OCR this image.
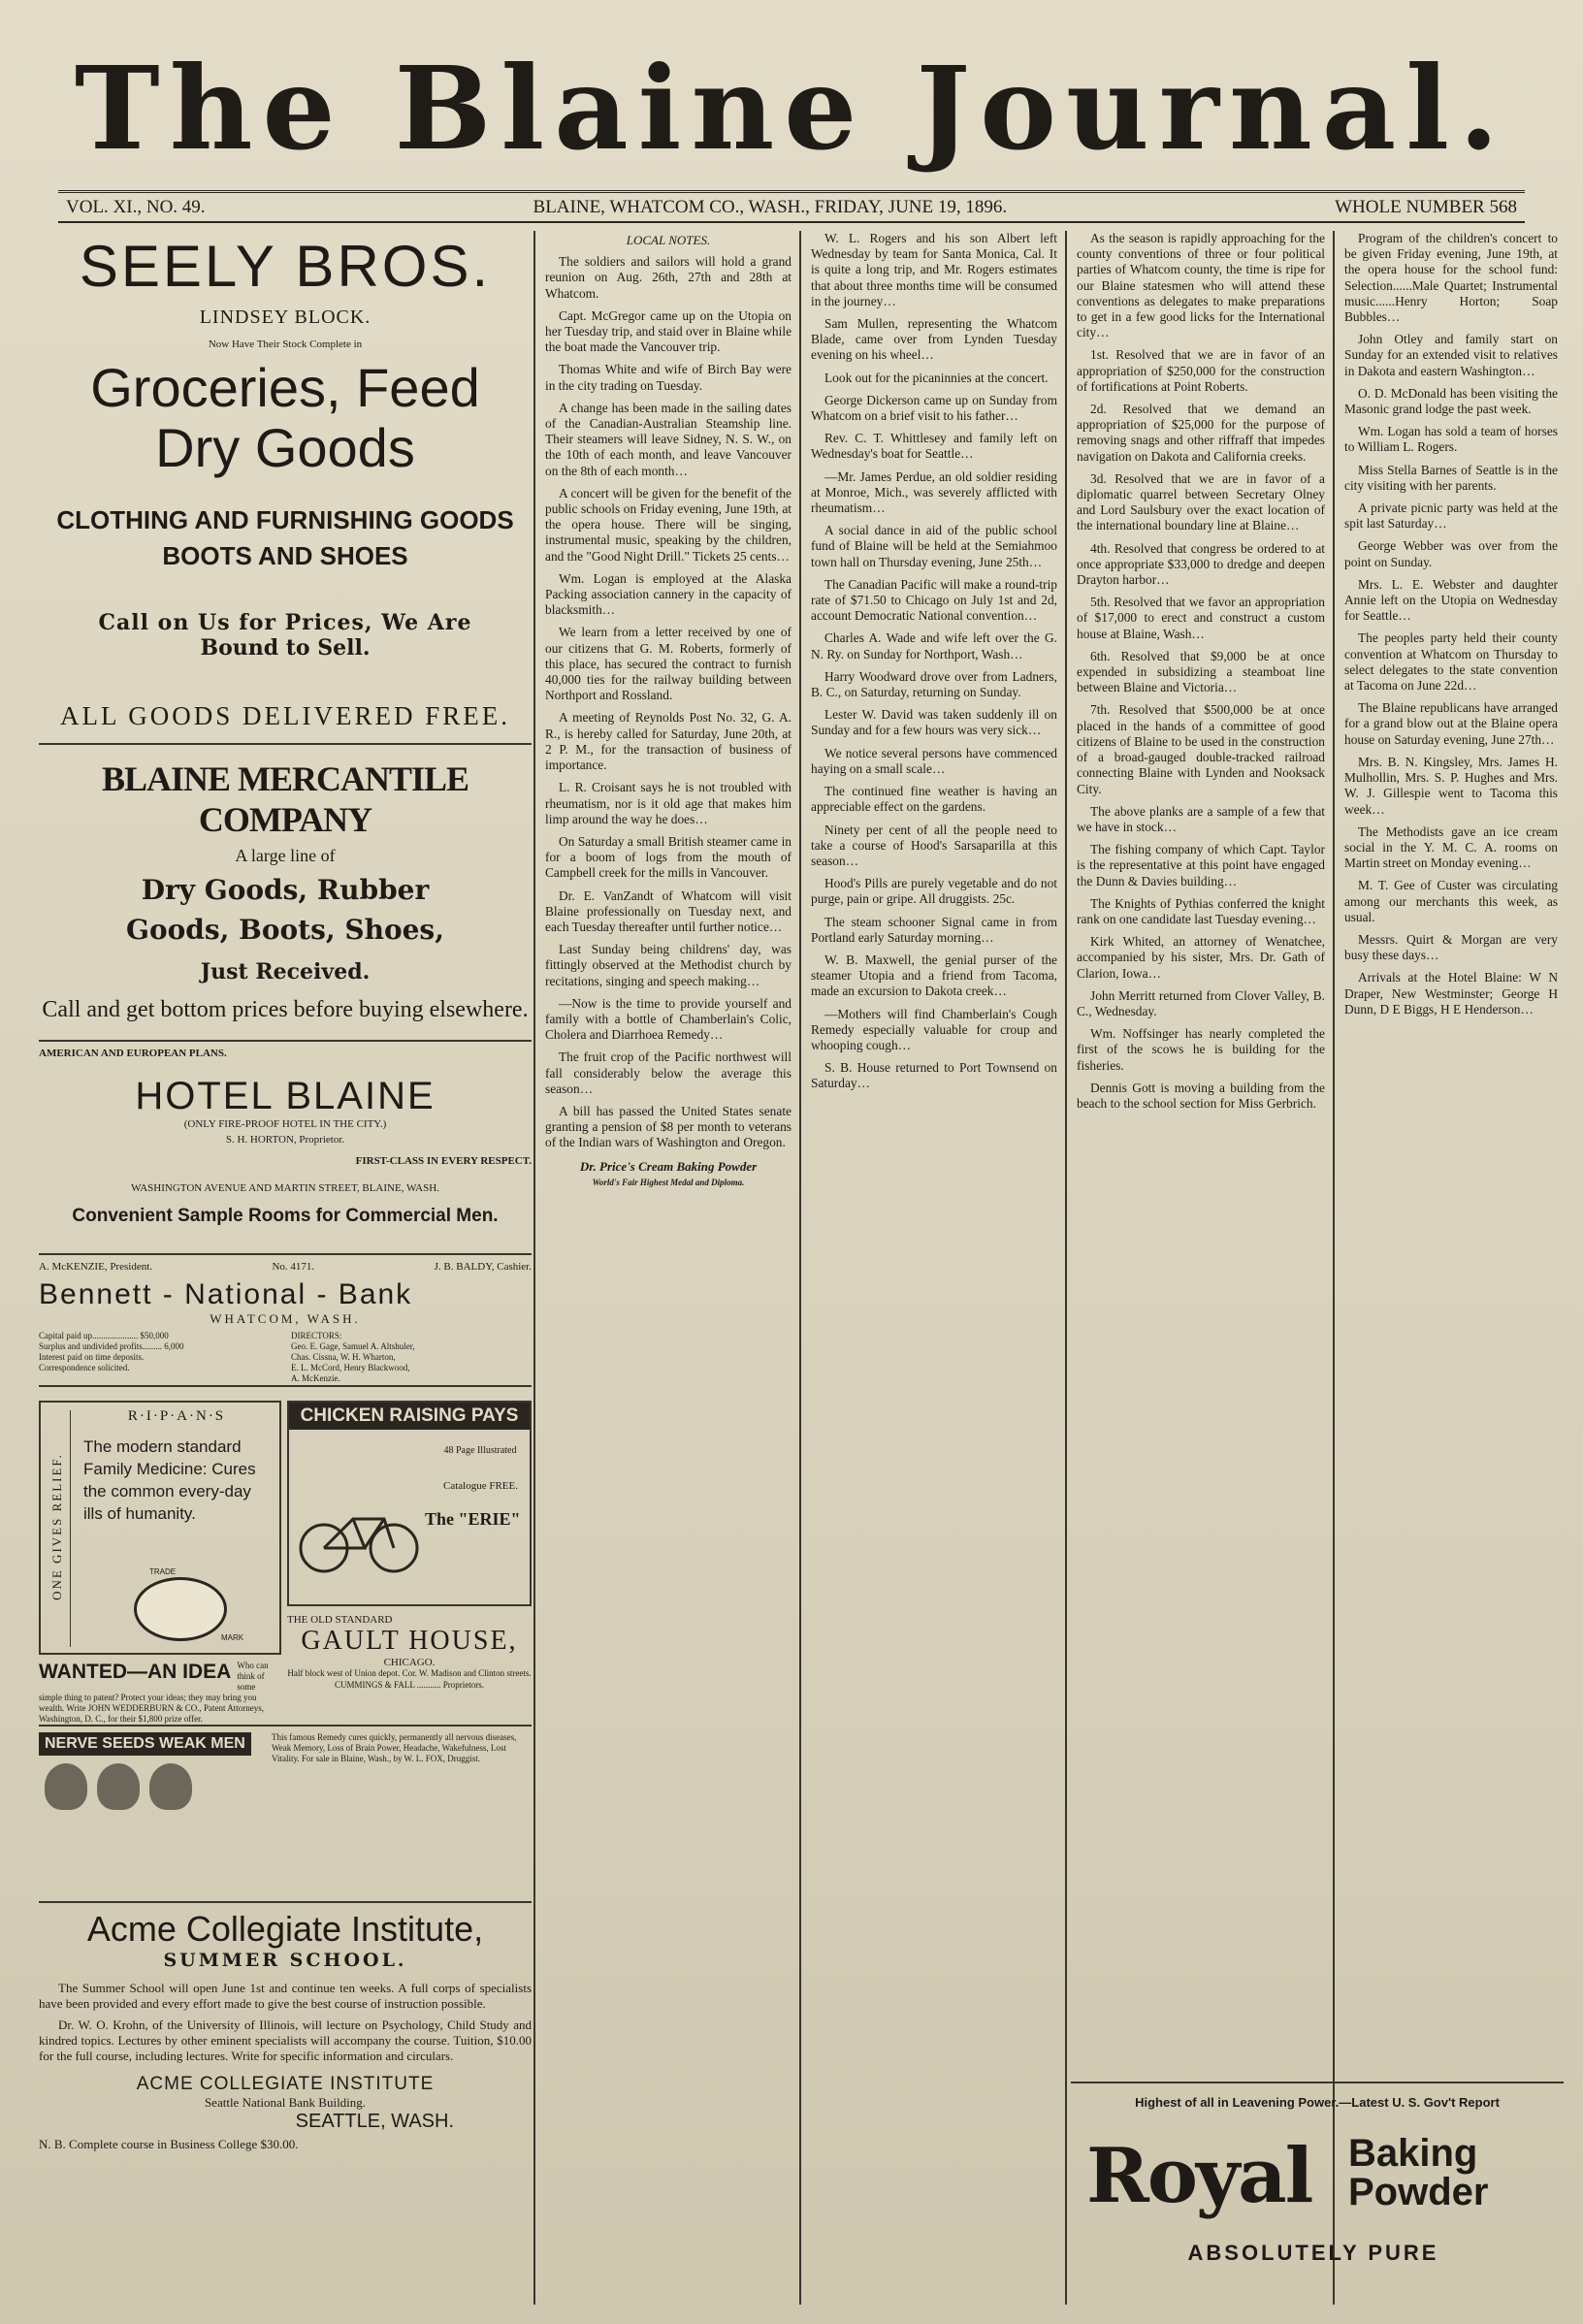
The Blaine Journal.
VOL. XI., NO. 49.	BLAINE, WHATCOM CO., WASH., FRIDAY, JUNE 19, 1896.	WHOLE NUMBER 568
SEELY BROS.
LINDSEY BLOCK.
Now Have Their Stock Complete in
Groceries, Feed
Dry Goods
CLOTHING AND FURNISHING GOODS
BOOTS AND SHOES
Call on Us for Prices, We Are
Bound to Sell.
ALL GOODS DELIVERED FREE.
BLAINE MERCANTILE COMPANY
A large line of
Dry Goods, Rubber
Goods, Boots, Shoes,
Just Received.
Call and get bottom prices before buying elsewhere.
AMERICAN AND EUROPEAN PLANS.
HOTEL BLAINE
(ONLY FIRE-PROOF HOTEL IN THE CITY.)
S. H. HORTON, Proprietor.
FIRST-CLASS IN EVERY RESPECT.
WASHINGTON AVENUE AND MARTIN STREET, BLAINE, WASH.
Convenient Sample Rooms for Commercial Men.
A. McKENZIE, President.	No. 4171.	J. B. BALDY, Cashier.
Bennett - National - Bank
WHATCOM, WASH.
Capital paid up..................... $50,000
Surplus and undivided profits......... 6,000
Interest paid on time deposits.
Correspondence solicited.
DIRECTORS:
Geo. E. Gage, Samuel A. Altshuler,
Chas. Cissna, W. H. Wharton,
E. L. McCord, Henry Blackwood,
A. McKenzie.
ONE GIVES RELIEF.
R·I·P·A·N·S
The modern standard Family Medicine: Cures the common every-day ills of humanity.
TRADE
MARK
CHICKEN RAISING PAYS
48 Page Illustrated
Catalogue FREE.
The "ERIE"
THE OLD STANDARD
GAULT HOUSE,
CHICAGO.
Half block west of Union depot. Cor. W. Madison and Clinton streets.
CUMMINGS & FALL ........... Proprietors.
WANTED—AN IDEA Who can think of some simple thing to patent? Protect your ideas; they may bring you wealth. Write JOHN WEDDERBURN & CO., Patent Attorneys, Washington, D. C., for their $1,800 prize offer.
NERVE SEEDS WEAK MEN	This famous Remedy cures quickly, permanently all nervous diseases, Weak Memory, Loss of Brain Power, Headache, Wakefulness, Lost Vitality. For sale in Blaine, Wash., by W. L. FOX, Druggist.
Acme Collegiate Institute,
SUMMER SCHOOL.
The Summer School will open June 1st and continue ten weeks. A full corps of specialists have been provided and every effort made to give the best course of instruction possible.
Dr. W. O. Krohn, of the University of Illinois, will lecture on Psychology, Child Study and kindred topics. Lectures by other eminent specialists will accompany the course. Tuition, $10.00 for the full course, including lectures. Write for specific information and circulars.
ACME COLLEGIATE INSTITUTE
Seattle National Bank Building.
SEATTLE, WASH.
N. B. Complete course in Business College $30.00.
LOCAL NOTES.

The soldiers and sailors will hold a grand reunion on Aug. 26th, 27th and 28th at Whatcom.

Capt. McGregor came up on the Utopia on her Tuesday trip, and staid over in Blaine while the boat made the Vancouver trip.

Thomas White and wife of Birch Bay were in the city trading on Tuesday.

A change has been made in the sailing dates of the Canadian-Australian Steamship line. Their steamers will leave Sidney, N. S. W., on the 10th of each month, and leave Vancouver on the 8th of each month…

A concert will be given for the benefit of the public schools on Friday evening, June 19th, at the opera house. There will be singing, instrumental music, speaking by the children, and the "Good Night Drill." Tickets 25 cents…

Wm. Logan is employed at the Alaska Packing association cannery in the capacity of blacksmith…

We learn from a letter received by one of our citizens that G. M. Roberts, formerly of this place, has secured the contract to furnish 40,000 ties for the railway building between Northport and Rossland.

A meeting of Reynolds Post No. 32, G. A. R., is hereby called for Saturday, June 20th, at 2 P. M., for the transaction of business of importance.

L. R. Croisant says he is not troubled with rheumatism, nor is it old age that makes him limp around the way he does…

On Saturday a small British steamer came in for a boom of logs from the mouth of Campbell creek for the mills in Vancouver.

Dr. E. VanZandt of Whatcom will visit Blaine professionally on Tuesday next, and each Tuesday thereafter until further notice…

Last Sunday being childrens' day, was fittingly observed at the Methodist church by recitations, singing and speech making…

—Now is the time to provide yourself and family with a bottle of Chamberlain's Colic, Cholera and Diarrhoea Remedy…

The fruit crop of the Pacific northwest will fall considerably below the average this season…

A bill has passed the United States senate granting a pension of $8 per month to veterans of the Indian wars of Washington and Oregon.

Dr. Price's Cream Baking Powder
World's Fair Highest Medal and Diploma.

W. L. Rogers and his son Albert left Wednesday by team for Santa Monica, Cal. It is quite a long trip, and Mr. Rogers estimates that about three months time will be consumed in the journey…

Sam Mullen, representing the Whatcom Blade, came over from Lynden Tuesday evening on his wheel…

Look out for the picaninnies at the concert.

George Dickerson came up on Sunday from Whatcom on a brief visit to his father…

Rev. C. T. Whittlesey and family left on Wednesday's boat for Seattle…

—Mr. James Perdue, an old soldier residing at Monroe, Mich., was severely afflicted with rheumatism…

A social dance in aid of the public school fund of Blaine will be held at the Semiahmoo town hall on Thursday evening, June 25th…

The Canadian Pacific will make a round-trip rate of $71.50 to Chicago on July 1st and 2d, account Democratic National convention…

Charles A. Wade and wife left over the G. N. Ry. on Sunday for Northport, Wash…

Harry Woodward drove over from Ladners, B. C., on Saturday, returning on Sunday.

Lester W. David was taken suddenly ill on Sunday and for a few hours was very sick…

We notice several persons have commenced haying on a small scale…

The continued fine weather is having an appreciable effect on the gardens.

Ninety per cent of all the people need to take a course of Hood's Sarsaparilla at this season…

Hood's Pills are purely vegetable and do not purge, pain or gripe. All druggists. 25c.

The steam schooner Signal came in from Portland early Saturday morning…

W. B. Maxwell, the genial purser of the steamer Utopia and a friend from Tacoma, made an excursion to Dakota creek…

—Mothers will find Chamberlain's Cough Remedy especially valuable for croup and whooping cough…

S. B. House returned to Port Townsend on Saturday…

As the season is rapidly approaching for the county conventions of three or four political parties of Whatcom county, the time is ripe for our Blaine statesmen who will attend these conventions as delegates to make preparations to get in a few good licks for the International city…

1st. Resolved that we are in favor of an appropriation of $250,000 for the construction of fortifications at Point Roberts.

2d. Resolved that we demand an appropriation of $25,000 for the purpose of removing snags and other riffraff that impedes navigation on Dakota and California creeks.

3d. Resolved that we are in favor of a diplomatic quarrel between Secretary Olney and Lord Saulsbury over the exact location of the international boundary line at Blaine…

4th. Resolved that congress be ordered to at once appropriate $33,000 to dredge and deepen Drayton harbor…

5th. Resolved that we favor an appropriation of $17,000 to erect and construct a custom house at Blaine, Wash…

6th. Resolved that $9,000 be at once expended in subsidizing a steamboat line between Blaine and Victoria…

7th. Resolved that $500,000 be at once placed in the hands of a committee of good citizens of Blaine to be used in the construction of a broad-gauged double-tracked railroad connecting Blaine with Lynden and Nooksack City.

The above planks are a sample of a few that we have in stock…

The fishing company of which Capt. Taylor is the representative at this point have engaged the Dunn & Davies building…

The Knights of Pythias conferred the knight rank on one candidate last Tuesday evening…

Kirk Whited, an attorney of Wenatchee, accompanied by his sister, Mrs. Dr. Gath of Clarion, Iowa…

John Merritt returned from Clover Valley, B. C., Wednesday.

Wm. Noffsinger has nearly completed the first of the scows he is building for the fisheries.

Dennis Gott is moving a building from the beach to the school section for Miss Gerbrich.

Program of the children's concert to be given Friday evening, June 19th, at the opera house for the school fund: Selection......Male Quartet; Instrumental music......Henry Horton; Soap Bubbles…

John Otley and family start on Sunday for an extended visit to relatives in Dakota and eastern Washington…

O. D. McDonald has been visiting the Masonic grand lodge the past week.

Wm. Logan has sold a team of horses to William L. Rogers.

Miss Stella Barnes of Seattle is in the city visiting with her parents.

A private picnic party was held at the spit last Saturday…

George Webber was over from the point on Sunday.

Mrs. L. E. Webster and daughter Annie left on the Utopia on Wednesday for Seattle…

The peoples party held their county convention at Whatcom on Thursday to select delegates to the state convention at Tacoma on June 22d…

The Blaine republicans have arranged for a grand blow out at the Blaine opera house on Saturday evening, June 27th…

Mrs. B. N. Kingsley, Mrs. James H. Mulhollin, Mrs. S. P. Hughes and Mrs. W. J. Gillespie went to Tacoma this week…

The Methodists gave an ice cream social in the Y. M. C. A. rooms on Martin street on Monday evening…

M. T. Gee of Custer was circulating among our merchants this week, as usual.

Messrs. Quirt & Morgan are very busy these days…

Arrivals at the Hotel Blaine: W N Draper, New Westminster; George H Dunn, D E Biggs, H E Henderson…

Highest of all in Leavening Power.—Latest U. S. Gov't Report
Royal Baking
Powder
ABSOLUTELY PURE
